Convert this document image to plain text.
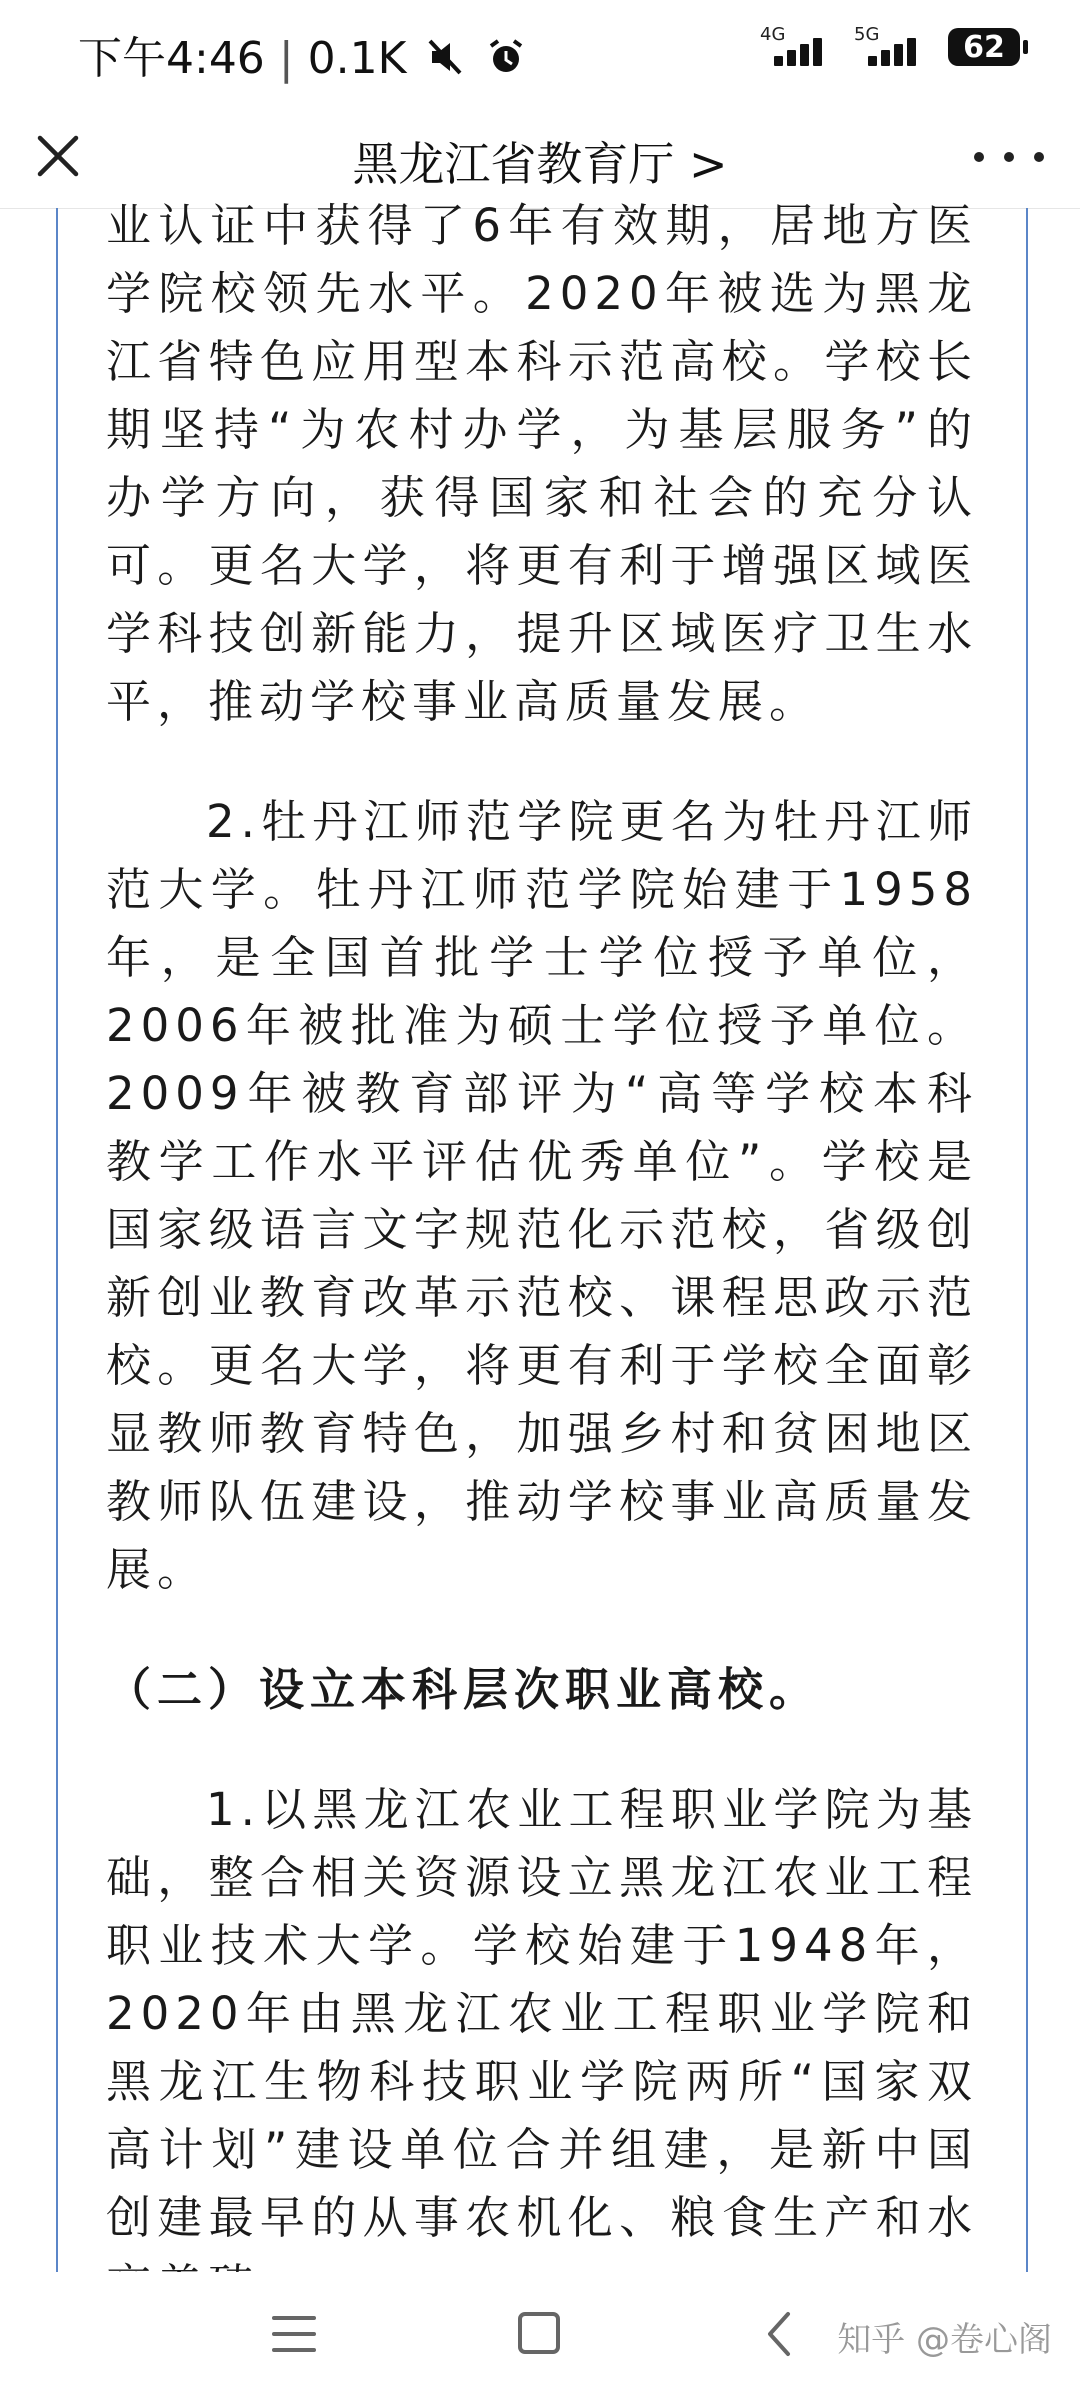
下午4:46 | 0.1K	4G	5G	62
黑龙江省教育厅 >

业认证中获得了6年有效期，居地方医学院校领先水平。2020年被选为黑龙江省特色应用型本科示范高校。学校长期坚持“为农村办学，为基层服务”的办学方向，获得国家和社会的充分认可。更名大学，将更有利于增强区域医学科技创新能力，提升区域医疗卫生水平，推动学校事业高质量发展。

2.牡丹江师范学院更名为牡丹江师范大学。牡丹江师范学院始建于1958年，是全国首批学士学位授予单位，2006年被批准为硕士学位授予单位。2009年被教育部评为“高等学校本科教学工作水平评估优秀单位”。学校是国家级语言文字规范化示范校，省级创新创业教育改革示范校、课程思政示范校。更名大学，将更有利于学校全面彰显教师教育特色，加强乡村和贫困地区教师队伍建设，推动学校事业高质量发展。

（二）设立本科层次职业高校。

1.以黑龙江农业工程职业学院为基础，整合相关资源设立黑龙江农业工程职业技术大学。学校始建于1948年，2020年由黑龙江农业工程职业学院和黑龙江生物科技职业学院两所“国家双高计划”建设单位合并组建，是新中国创建最早的从事农机化、粮食生产和水

知乎 @卷心阁
